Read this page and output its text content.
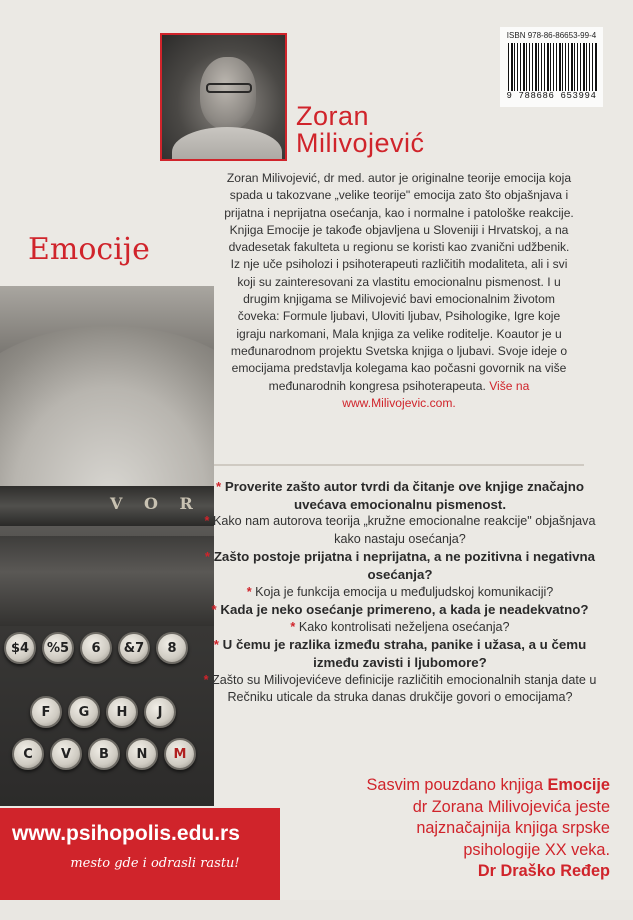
ISBN 978-86-86653-99-4
9 788686 653994
Zoran
Milivojević
V O R
$4	%5	6	&7	8
F	G	H	J
C	V	B	N	M
Emocije
Zoran Milivojević, dr med. autor je originalne teorije emocija koja spada u takozvane „velike teorije" emocija zato što objašnjava i prijatna i neprijatna osećanja, kao i normalne i patološke reakcije. Knjiga Emocije je takođe objavljena u Sloveniji i Hrvatskoj, a na dvadesetak fakulteta u regionu se koristi kao zvanični udžbenik. Iz nje uče psiholozi i psihoterapeuti različitih modaliteta, ali i svi koji su zainteresovani za vlastitu emocionalnu pismenost. I u drugim knjigama se Milivojević bavi emocionalnim životom čoveka: Formule ljubavi, Uloviti ljubav, Psihologike, Igre koje igraju narkomani, Mala knjiga za velike roditelje. Koautor je u međunarodnom projektu Svetska knjiga o ljubavi. Svoje ideje o emocijama predstavlja kolegama kao počasni govornik na više međunarodnih kongresa psihoterapeuta. Više na www.Milivojevic.com.
* Proverite zašto autor tvrdi da čitanje ove knjige značajno uvećava emocionalnu pismenost.
* Kako nam autorova teorija „kružne emocionalne reakcije" objašnjava kako nastaju osećanja?
* Zašto postoje prijatna i neprijatna, a ne pozitivna i negativna osećanja?
* Koja je funkcija emocija u međuljudskoj komunikaciji?
* Kada je neko osećanje primereno, a kada je neadekvatno?
* Kako kontrolisati neželjena osećanja?
* U čemu je razlika između straha, panike i užasa, a u čemu između zavisti i ljubomore?
* Zašto su Milivojevićeve definicije različitih emocionalnih stanja date u Rečniku uticale da struka danas drukčije govori o emocijama?
www.psihopolis.edu.rs
mesto gde i odrasli rastu!
Sasvim pouzdano knjiga Emocije
dr Zorana Milivojevića jeste
najznačajnija knjiga srpske
psihologije XX veka.
Dr Draško Ređep
